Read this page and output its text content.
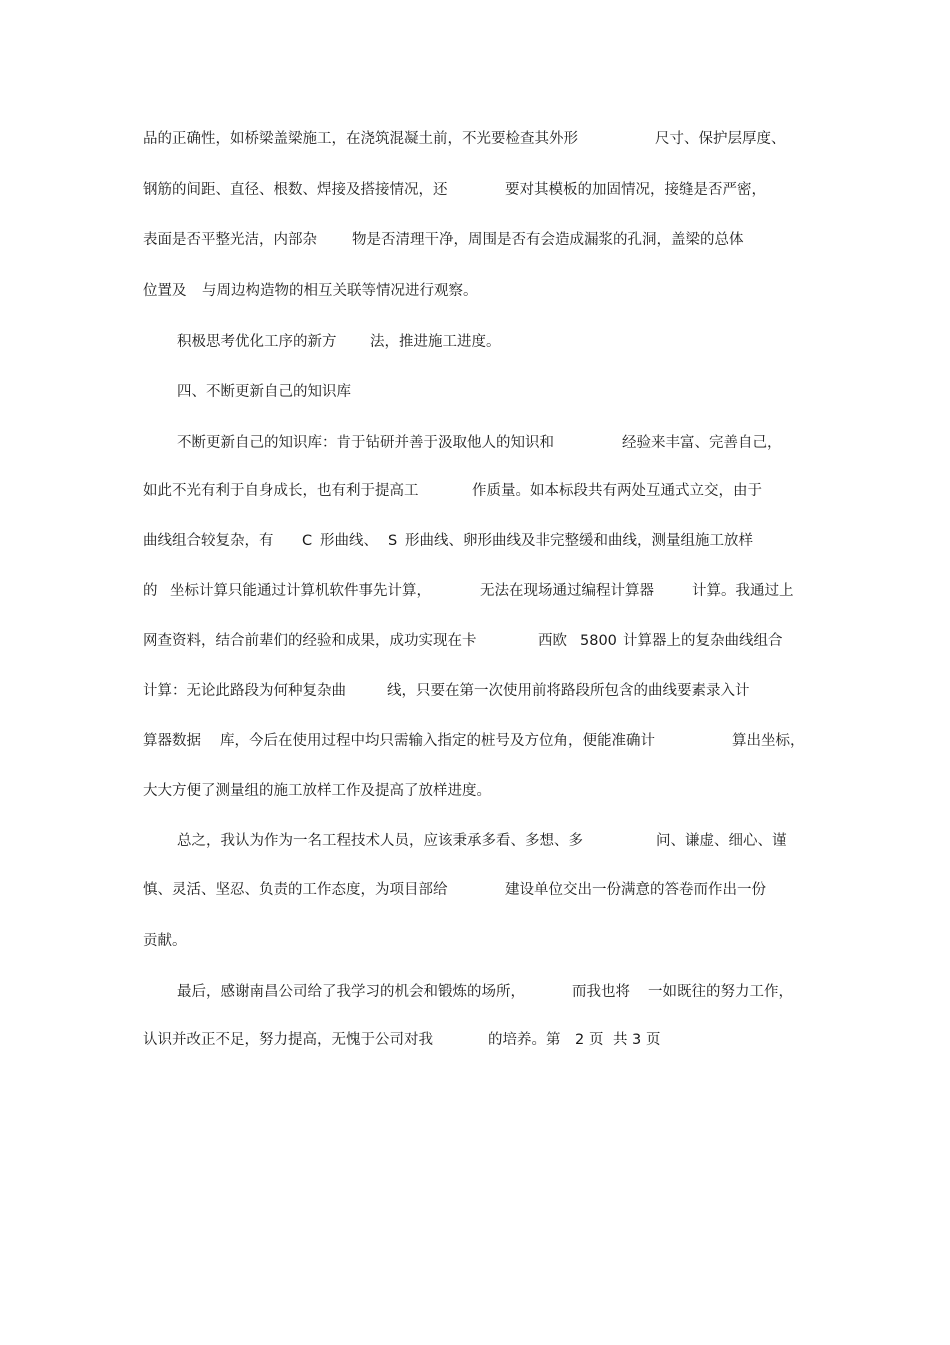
品的正确性，如桥梁盖梁施工，在浇筑混凝土前，不光要检查其外形

	尺寸、保护层厚度、

钢筋的间距、直径、根数、焊接及搭接情况，还

	要对其模板的加固情况，接缝是否严密，

表面是否平整光洁，内部杂

物是否清理干净，周围是否有会造成漏浆的孔洞，盖梁的总体

位置及

与周边构造物的相互关联等情况进行观察。

积极思考优化工序的新方

法，推进施工进度。

四、不断更新自己的知识库

不断更新自己的知识库：肯于钻研并善于汲取他人的知识和

	经验来丰富、完善自己，

如此不光有利于自身成长，也有利于提高工

	作质量。如本标段共有两处互通式立交，由于

曲线组合较复杂，有

C

形曲线、

S

形曲线、卵形曲线及非完整缓和曲线，测量组施工放样

的

坐标计算只能通过计算机软件事先计算，

	无法在现场通过编程计算器

	计算。我通过上

网查资料，结合前辈们的经验和成果，成功实现在卡

	西欧

5800

计算器上的复杂曲线组合

计算：无论此路段为何种复杂曲

	线，只要在第一次使用前将路段所包含的曲线要素录入计

算器数据

库，今后在使用过程中均只需输入指定的桩号及方位角，便能准确计

	算出坐标，

大大方便了测量组的施工放样工作及提高了放样进度。

总之，我认为作为一名工程技术人员，应该秉承多看、多想、多

	问、谦虚、细心、谨

慎、灵活、坚忍、负责的工作态度，为项目部给

	建设单位交出一份满意的答卷而作出一份

贡献。

最后，感谢南昌公司给了我学习的机会和锻炼的场所，

	而我也将

一如既往的努力工作，

认识并改正不足，努力提高，无愧于公司对我

	的培养。第

2

页

共

3

页
